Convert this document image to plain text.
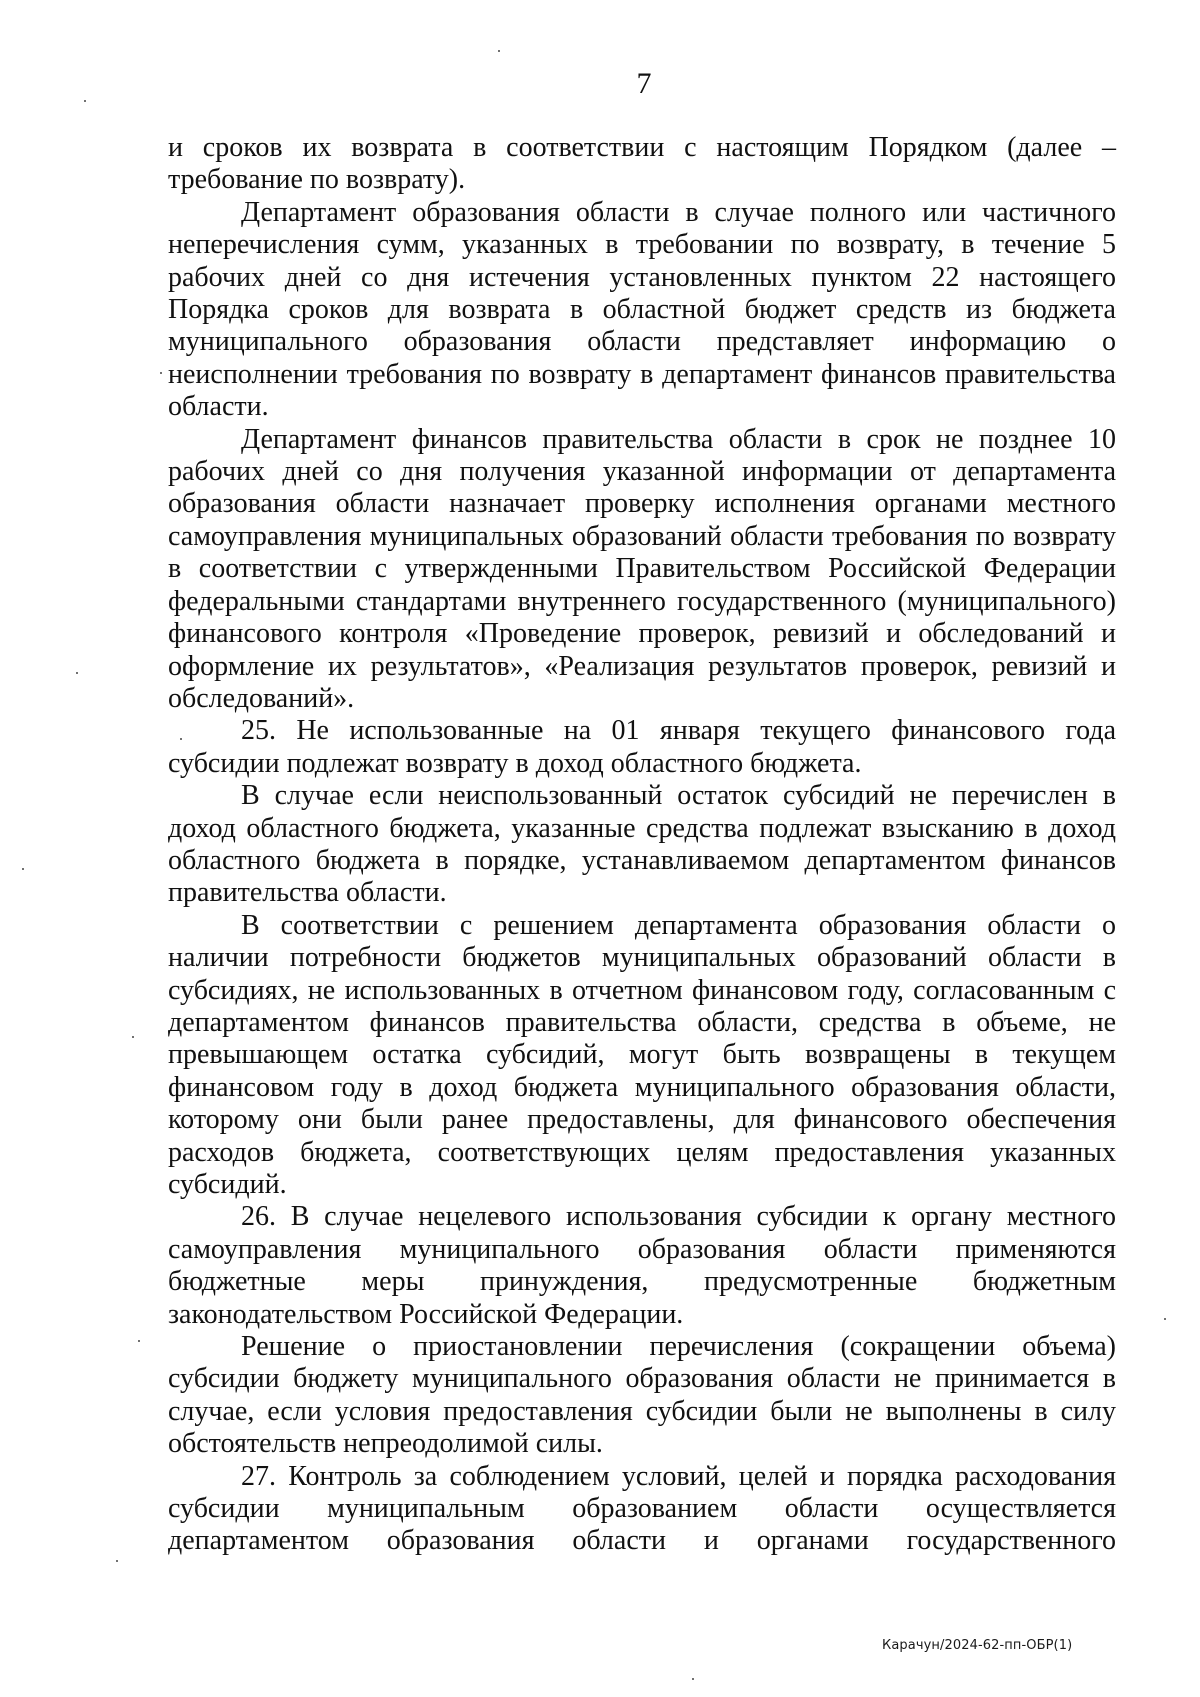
7

и сроков их возврата в соответствии с настоящим Порядком (далее – требование по возврату).

Департамент образования области в случае полного или частичного неперечисления сумм, указанных в требовании по возврату, в течение 5 рабочих дней со дня истечения установленных пунктом 22 настоящего Порядка сроков для возврата в областной бюджет средств из бюджета муниципального образования области представляет информацию о неисполнении требования по возврату в департамент финансов правительства области.

Департамент финансов правительства области в срок не позднее 10 рабочих дней со дня получения указанной информации от департамента образования области назначает проверку исполнения органами местного самоуправления муниципальных образований области требования по возврату в соответствии с утвержденными Правительством Российской Федерации федеральными стандартами внутреннего государственного (муниципального) финансового контроля «Проведение проверок, ревизий и обследований и оформление их результатов», «Реализация результатов проверок, ревизий и обследований».

25. Не использованные на 01 января текущего финансового года субсидии подлежат возврату в доход областного бюджета.

В случае если неиспользованный остаток субсидий не перечислен в доход областного бюджета, указанные средства подлежат взысканию в доход областного бюджета в порядке, устанавливаемом департаментом финансов правительства области.

В соответствии с решением департамента образования области о наличии потребности бюджетов муниципальных образований области в субсидиях, не использованных в отчетном финансовом году, согласованным с департаментом финансов правительства области, средства в объеме, не превышающем остатка субсидий, могут быть возвращены в текущем финансовом году в доход бюджета муниципального образования области, которому они были ранее предоставлены, для финансового обеспечения расходов бюджета, соответствующих целям предоставления указанных субсидий.

26. В случае нецелевого использования субсидии к органу местного самоуправления муниципального образования области применяются бюджетные меры принуждения, предусмотренные бюджетным законодательством Российской Федерации.

Решение о приостановлении перечисления (сокращении объема) субсидии бюджету муниципального образования области не принимается в случае, если условия предоставления субсидии были не выполнены в силу обстоятельств непреодолимой силы.

27. Контроль за соблюдением условий, целей и порядка расходования субсидии муниципальным образованием области осуществляется департаментом образования области и органами государственного

Карачун/2024-62-пп-ОБР(1)
